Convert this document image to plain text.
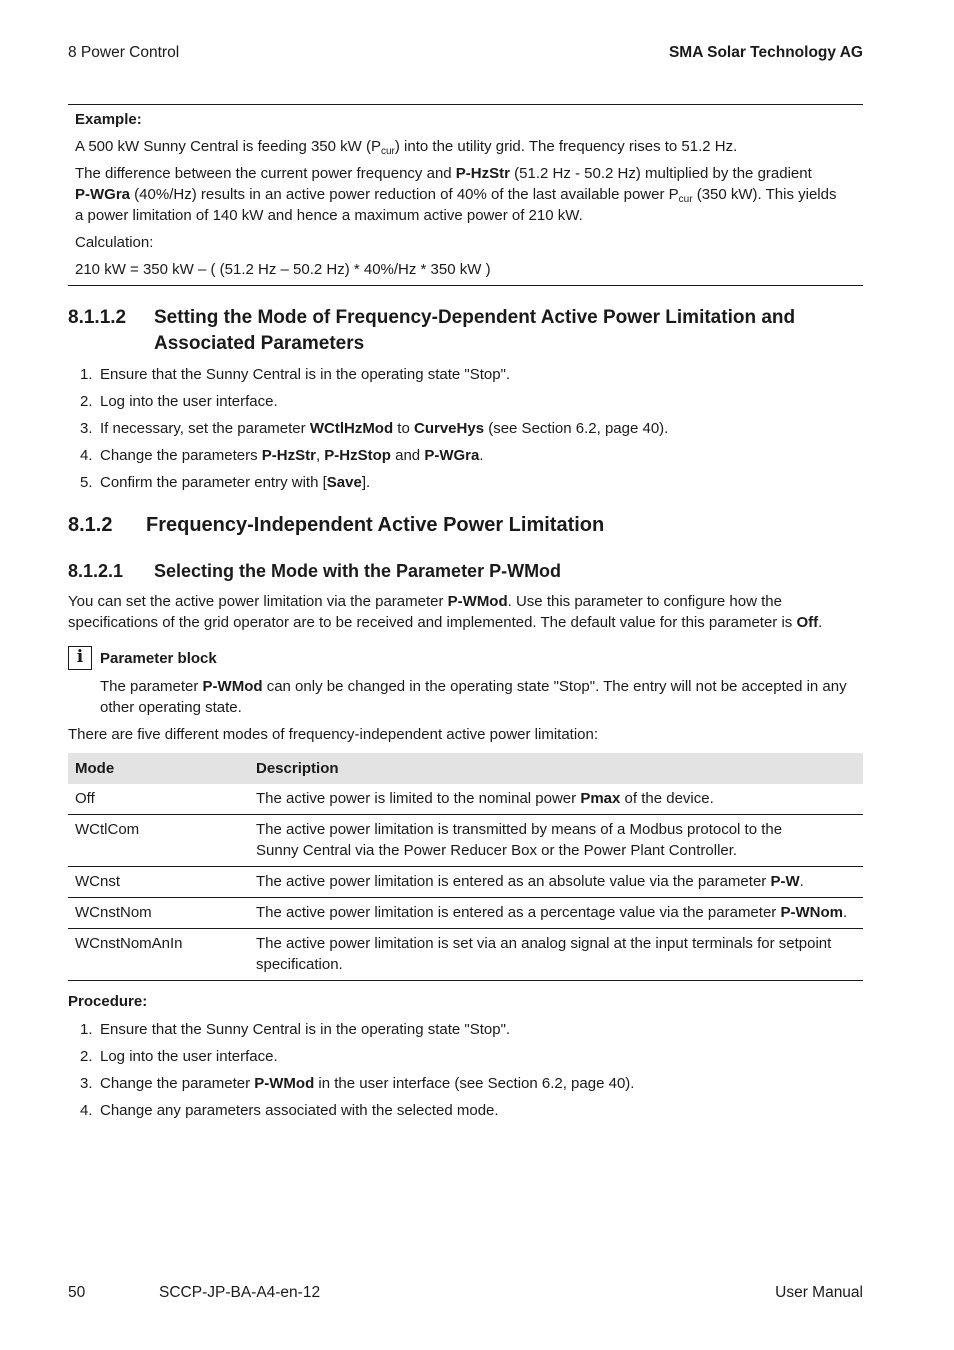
8 Power Control	SMA Solar Technology AG
Example:
A 500 kW Sunny Central is feeding 350 kW $(P_{cur})$ into the utility grid. The frequency rises to 51.2 Hz.
The difference between the current power frequency and P-HzStr (51.2 Hz - 50.2 Hz) multiplied by the gradient
P-WGra (40%/Hz) results in an active power reduction of 40% of the last available power $P_{cur}$ (350 kW). This yields
a power limitation of 140 kW and hence a maximum active power of 210 kW.
Calculation:
210 kW = 350 kW – ( (51.2 Hz – 50.2 Hz) * 40%/Hz * 350 kW )
8.1.1.2 Setting the Mode of Frequency-Dependent Active Power Limitation and
Associated Parameters
1. Ensure that the Sunny Central is in the operating state "Stop".
2. Log into the user interface.
3. If necessary, set the parameter WCtlHzMod to CurveHys (see Section 6.2, page 40).
4. Change the parameters P-HzStr, P-HzStop and P-WGra.
5. Confirm the parameter entry with [Save].
8.1.2 Frequency-Independent Active Power Limitation
8.1.2.1 Selecting the Mode with the Parameter P-WMod
You can set the active power limitation via the parameter P-WMod. Use this parameter to configure how the
specifications of the grid operator are to be received and implemented. The default value for this parameter is Off.
i	Parameter block
The parameter P-WMod can only be changed in the operating state "Stop". The entry will not be accepted in any
other operating state.
There are five different modes of frequency-independent active power limitation:
Mode	Description
Off	The active power is limited to the nominal power Pmax of the device.
WCtlCom	The active power limitation is transmitted by means of a Modbus protocol to the
Sunny Central via the Power Reducer Box or the Power Plant Controller.
WCnst	The active power limitation is entered as an absolute value via the parameter P-W.
WCnstNom	The active power limitation is entered as a percentage value via the parameter P-WNom.
WCnstNomAnIn	The active power limitation is set via an analog signal at the input terminals for setpoint
specification.
Procedure:
1. Ensure that the Sunny Central is in the operating state "Stop".
2. Log into the user interface.
3. Change the parameter P-WMod in the user interface (see Section 6.2, page 40).
4. Change any parameters associated with the selected mode.
50	SCCP-JP-BA-A4-en-12	User Manual
